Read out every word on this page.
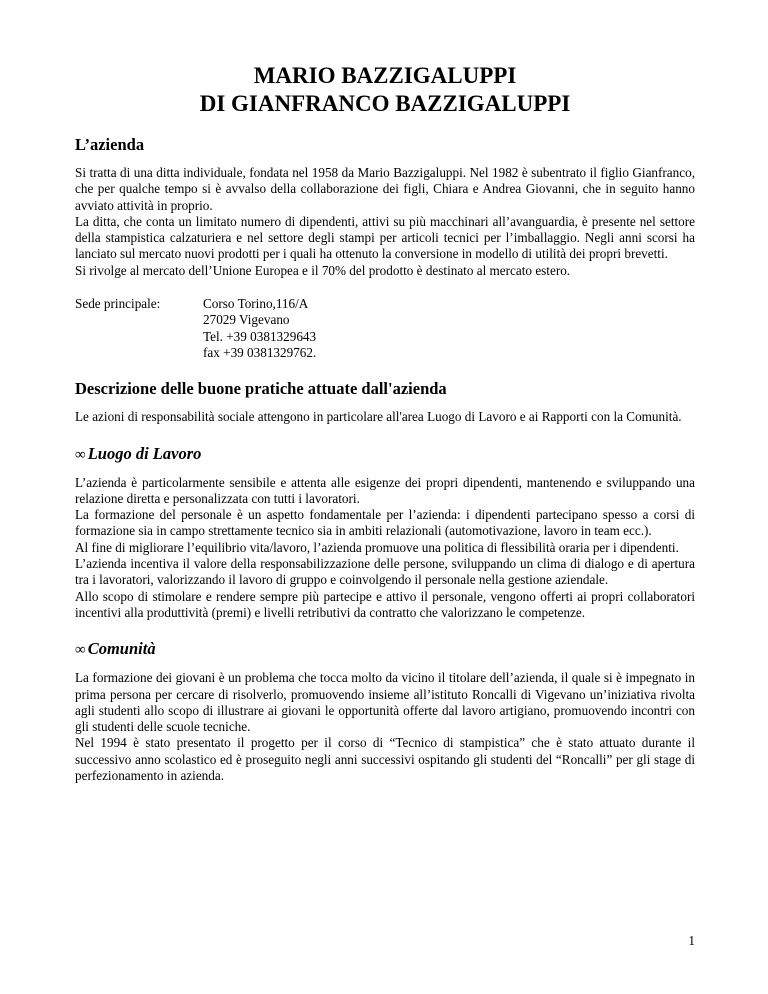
MARIO BAZZIGALUPPI
DI GIANFRANCO BAZZIGALUPPI
L’azienda

Si tratta di una ditta individuale, fondata nel 1958 da Mario Bazzigaluppi. Nel 1982 è subentrato il figlio Gianfranco, che per qualche tempo si è avvalso della collaborazione dei figli, Chiara e Andrea Giovanni, che in seguito hanno avviato attività in proprio.

La ditta, che conta un limitato numero di dipendenti, attivi su più macchinari all’avanguardia, è presente nel settore della stampistica calzaturiera e nel settore degli stampi per articoli tecnici per l’imballaggio. Negli anni scorsi ha lanciato sul mercato nuovi prodotti per i quali ha ottenuto la conversione in modello di utilità dei propri brevetti.

Si rivolge al mercato dell’Unione Europea e il 70% del prodotto è destinato al mercato estero.

Sede principale:	Corso Torino,116/A
27029 Vigevano
Tel. +39 0381329643
fax +39 0381329762.
Descrizione delle buone pratiche attuate dall'azienda

Le azioni di responsabilità sociale attengono in particolare all'area Luogo di Lavoro e ai Rapporti con la Comunità.

∞ Luogo di Lavoro

L’azienda è particolarmente sensibile e attenta alle esigenze dei propri dipendenti, mantenendo e sviluppando una relazione diretta e personalizzata con tutti i lavoratori.

La formazione del personale è un aspetto fondamentale per l’azienda: i dipendenti partecipano spesso a corsi di formazione sia in campo strettamente tecnico sia in ambiti relazionali (automotivazione, lavoro in team ecc.).

Al fine di migliorare l’equilibrio vita/lavoro, l’azienda promuove una politica di flessibilità oraria per i dipendenti.

L’azienda incentiva il valore della responsabilizzazione delle persone, sviluppando un clima di dialogo e di apertura tra i lavoratori, valorizzando il lavoro di gruppo e coinvolgendo il personale nella gestione aziendale.

Allo scopo di stimolare e rendere sempre più partecipe e attivo il personale, vengono offerti ai propri collaboratori incentivi alla produttività (premi) e livelli retributivi da contratto che valorizzano le competenze.

∞ Comunità

La formazione dei giovani è un problema che tocca molto da vicino il titolare dell’azienda, il quale si è impegnato in prima persona per cercare di risolverlo, promuovendo insieme all’istituto Roncalli di Vigevano un’iniziativa rivolta agli studenti allo scopo di illustrare ai giovani le opportunità offerte dal lavoro artigiano, promuovendo incontri con gli studenti delle scuole tecniche.

Nel 1994 è stato presentato il progetto per il corso di “Tecnico di stampistica” che è stato attuato durante il successivo anno scolastico ed è proseguito negli anni successivi ospitando gli studenti del “Roncalli” per gli stage di perfezionamento in azienda.

1
